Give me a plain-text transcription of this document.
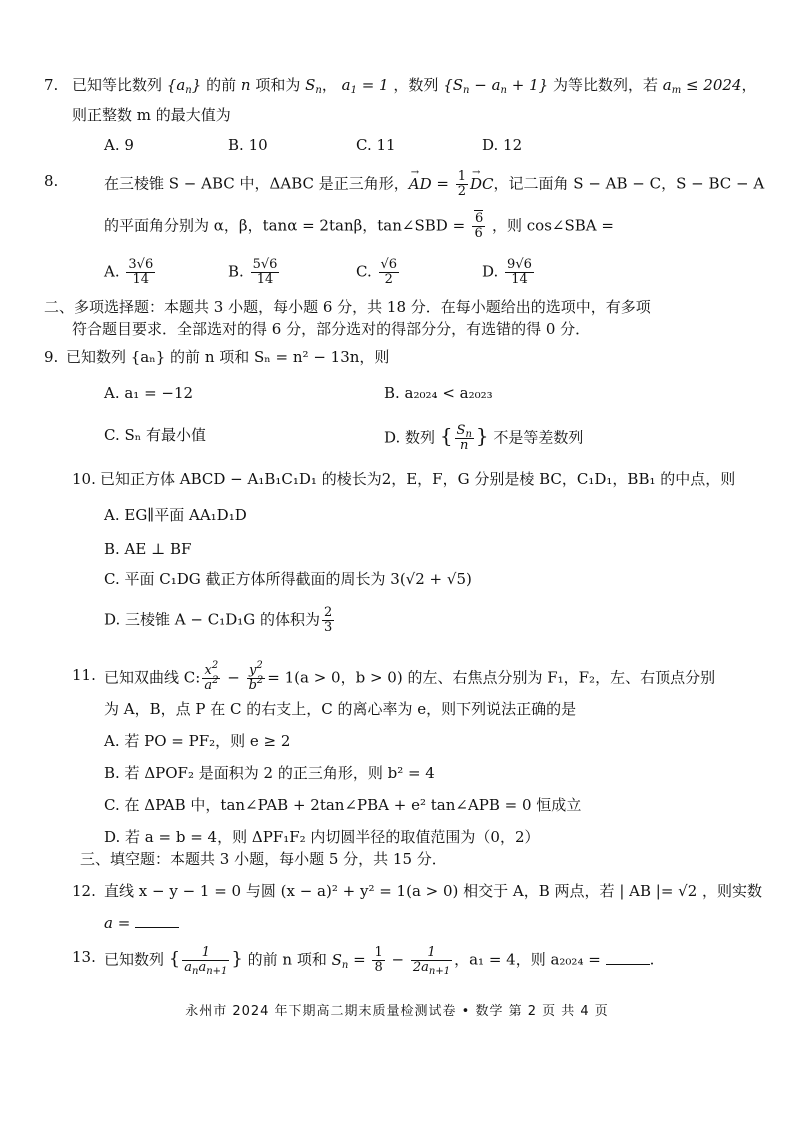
7. 已知等比数列 $\{a_n\}$ 的前 n 项和为 $S_n$， $a_1 = 1$ ，数列 $\{S_n - a_n + 1\}$ 为等比数列，若 $a_m \le 2024$，
则正整数 m 的最大值为
A. 9	B. 10	C. 11	D. 12
8.	在三棱锥 S − ABC 中，ΔABC 是正三角形，→ AD = $\frac{1}{2}$
→ DC，记二面角 S − AB − C，S − BC − A
的平面角分别为 α，β，tanα = 2tanβ，tan∠SBD = $\frac{6}{6}$ ，则 cos∠SBA =
A. $\frac{3√6}{14}$	B. $\frac{5√6}{14}$	C. $\frac{√6}{2}$	D. $\frac{9√6}{14}$
二、多项选择题：本题共 3 小题，每小题 6 分，共 18 分．在每小题给出的选项中，有多项
符合题目要求．全部选对的得 6 分，部分选对的得部分分，有选错的得 0 分．
9. 已知数列 {aₙ} 的前 n 项和 Sₙ = n² − 13n，则
A. a₁ = −12	B. a₂₀₂₄ < a₂₀₂₃
C. Sₙ 有最小值	D. 数列 { $\frac{S_n}{n}$ } 不是等差数列
10. 已知正方体 ABCD − A₁B₁C₁D₁ 的棱长为2，E，F，G 分别是棱 BC，C₁D₁，BB₁ 的中点，则
A. EG∥平面 AA₁D₁D
B. AE ⊥ BF
C. 平面 C₁DG 截正方体所得截面的周长为 3(√2 + √5)
D. 三棱锥 A − C₁D₁G 的体积为 $\frac{2}{3}$
11. 已知双曲线 C: $\frac{x^2}{a^2} - \frac{y^2}{b^2} = 1(a > 0$，b > 0) 的左、右焦点分别为 F₁，F₂，左、右顶点分别
为 A，B，点 P 在 C 的右支上，C 的离心率为 e，则下列说法正确的是
A. 若 PO = PF₂，则 e ≥ 2
B. 若 ΔPOF₂ 是面积为 2 的正三角形，则 b² = 4
C. 在 ΔPAB 中，tan∠PAB + 2tan∠PBA + e² tan∠APB = 0 恒成立
D. 若 a = b = 4，则 ΔPF₁F₂ 内切圆半径的取值范围为（0，2）
三、填空题：本题共 3 小题，每小题 5 分，共 15 分．
12. 直线 x − y − 1 = 0 与圆 (x − a)² + y² = 1(a > 0) 相交于 A，B 两点，若 | AB |= √2 ，则实数
a =
13. 已知数列 { $\frac{1}{a_na_{n+1}}$ } 的前 n 项和 $S_n = \frac{1}{8} - \frac{1}{2a_{n+1}}$ ，a₁ = 4，则 a₂₀₂₄ =	.
永州市 2024 年下期高二期末质量检测试卷 • 数学 第 2 页 共 4 页
